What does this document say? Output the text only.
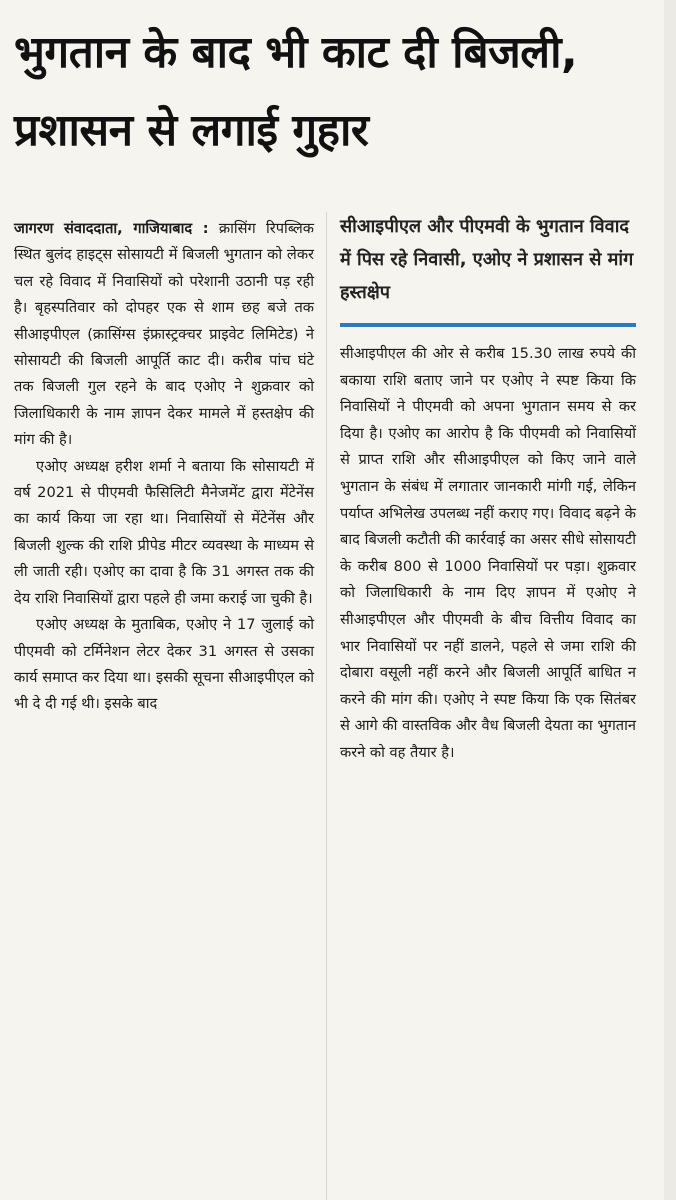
भुगतान के बाद भी काट दी बिजली, प्रशासन से लगाई गुहार

जागरण संवाददाता, गाजियाबाद : क्रासिंग रिपब्लिक स्थित बुलंद हाइट्स सोसायटी में बिजली भुगतान को लेकर चल रहे विवाद में निवासियों को परेशानी उठानी पड़ रही है। बृहस्पतिवार को दोपहर एक से शाम छह बजे तक सीआइपीएल (क्रासिंग्स इंफ्रास्ट्रक्चर प्राइवेट लिमिटेड) ने सोसायटी की बिजली आपूर्ति काट दी। करीब पांच घंटे तक बिजली गुल रहने के बाद एओए ने शुक्रवार को जिलाधिकारी के नाम ज्ञापन देकर मामले में हस्तक्षेप की मांग की है।

एओए अध्यक्ष हरीश शर्मा ने बताया कि सोसायटी में वर्ष 2021 से पीएमवी फैसिलिटी मैनेजमेंट द्वारा मेंटेनेंस का कार्य किया जा रहा था। निवासियों से मेंटेनेंस और बिजली शुल्क की राशि प्रीपेड मीटर व्यवस्था के माध्यम से ली जाती रही। एओए का दावा है कि 31 अगस्त तक की देय राशि निवासियों द्वारा पहले ही जमा कराई जा चुकी है।

एओए अध्यक्ष के मुताबिक, एओए ने 17 जुलाई को पीएमवी को टर्मिनेशन लेटर देकर 31 अगस्त से उसका कार्य समाप्त कर दिया था। इसकी सूचना सीआइपीएल को भी दे दी गई थी। इसके बाद

सीआइपीएल और पीएमवी के भुगतान विवाद में पिस रहे निवासी, एओए ने प्रशासन से मांग हस्तक्षेप

सीआइपीएल की ओर से करीब 15.30 लाख रुपये की बकाया राशि बताए जाने पर एओए ने स्पष्ट किया कि निवासियों ने पीएमवी को अपना भुगतान समय से कर दिया है। एओए का आरोप है कि पीएमवी को निवासियों से प्राप्त राशि और सीआइपीएल को किए जाने वाले भुगतान के संबंध में लगातार जानकारी मांगी गई, लेकिन पर्याप्त अभिलेख उपलब्ध नहीं कराए गए। विवाद बढ़ने के बाद बिजली कटौती की कार्रवाई का असर सीधे सोसायटी के करीब 800 से 1000 निवासियों पर पड़ा। शुक्रवार को जिलाधिकारी के नाम दिए ज्ञापन में एओए ने सीआइपीएल और पीएमवी के बीच वित्तीय विवाद का भार निवासियों पर नहीं डालने, पहले से जमा राशि की दोबारा वसूली नहीं करने और बिजली आपूर्ति बाधित न करने की मांग की। एओए ने स्पष्ट किया कि एक सितंबर से आगे की वास्तविक और वैध बिजली देयता का भुगतान करने को वह तैयार है।
